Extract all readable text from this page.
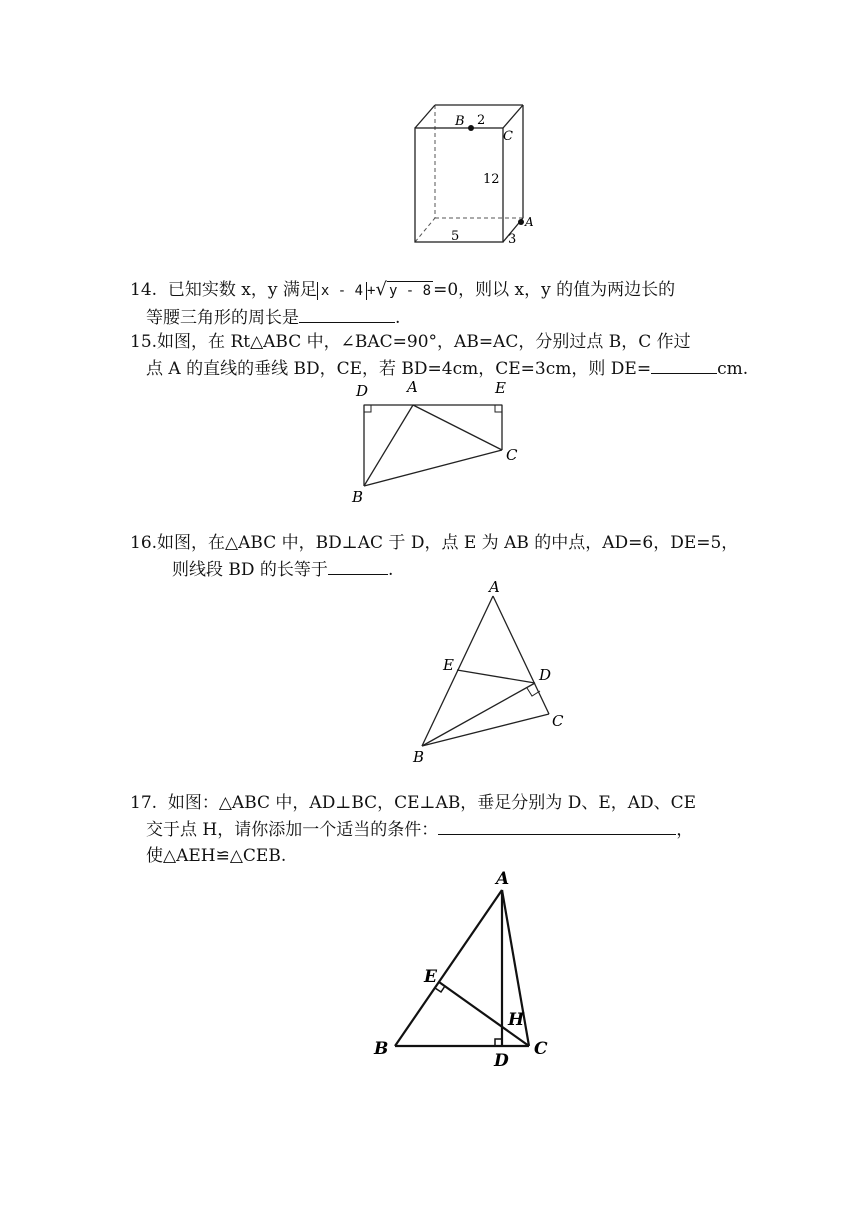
B 2
C
12
A
5	3
14. 已知实数 x，y 满足 x - 4 +√ y - 8 =0，则以 x，y 的值为两边长的
等腰三角形的周长是	.
15.如图，在 Rt△ABC 中，∠BAC=90°，AB=AC，分别过点 B，C 作过
点 A 的直线的垂线 BD，CE，若 BD=4cm，CE=3cm，则 DE=	cm.
D	A	E
C
B
16.如图，在△ABC 中，BD⊥AC 于 D，点 E 为 AB 的中点，AD=6，DE=5，
则线段 BD 的长等于	.
A
E
D
C
B
17. 如图：△ABC 中，AD⊥BC，CE⊥AB，垂足分别为 D、E，AD、CE
交于点 H，请你添加一个适当的条件：	，
使△AEH≌△CEB.
A
E
H
B
D
C
